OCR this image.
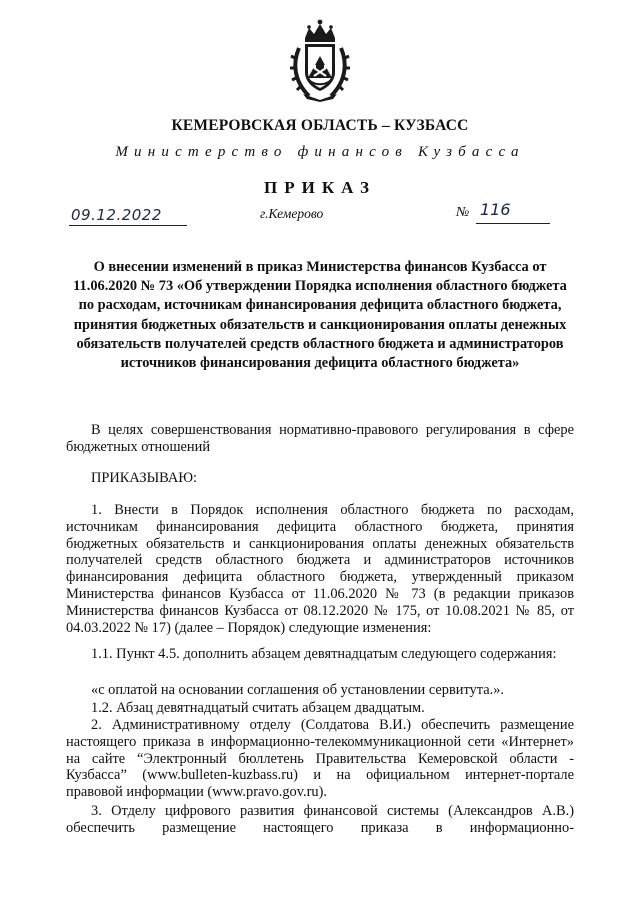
КЕМЕРОВСКАЯ ОБЛАСТЬ – КУЗБАСС
Министерство финансов Кузбасса
ПРИКАЗ
09.12.2022	г.Кемерово	№ 116
О внесении изменений в приказ Министерства финансов Кузбасса от 11.06.2020 № 73 «Об утверждении Порядка исполнения областного бюджета по расходам, источникам финансирования дефицита областного бюджета, принятия бюджетных обязательств и санкционирования оплаты денежных обязательств получателей средств областного бюджета и администраторов источников финансирования дефицита областного бюджета»
В целях совершенствования нормативно-правового регулирования в сфере бюджетных отношений
ПРИКАЗЫВАЮ:
1. Внести в Порядок исполнения областного бюджета по расходам, источникам финансирования дефицита областного бюджета, принятия бюджетных обязательств и санкционирования оплаты денежных обязательств получателей средств областного бюджета и администраторов источников финансирования дефицита областного бюджета, утвержденный приказом Министерства финансов Кузбасса от 11.06.2020 № 73 (в редакции приказов Министерства финансов Кузбасса от 08.12.2020 № 175, от 10.08.2021 № 85, от 04.03.2022 № 17) (далее – Порядок) следующие изменения:
1.1. Пункт 4.5. дополнить абзацем девятнадцатым следующего содержания:
«с оплатой на основании соглашения об установлении сервитута.».
1.2. Абзац девятнадцатый считать абзацем двадцатым.
2. Административному отделу (Солдатова В.И.) обеспечить размещение настоящего приказа в информационно-телекоммуникационной сети «Интернет» на сайте “Электронный бюллетень Правительства Кемеровской области - Кузбасса” (www.bulleten-kuzbass.ru) и на официальном интернет-портале правовой информации (www.pravo.gov.ru).
3. Отделу цифрового развития финансовой системы (Александров А.В.) обеспечить размещение настоящего приказа в информационно-
